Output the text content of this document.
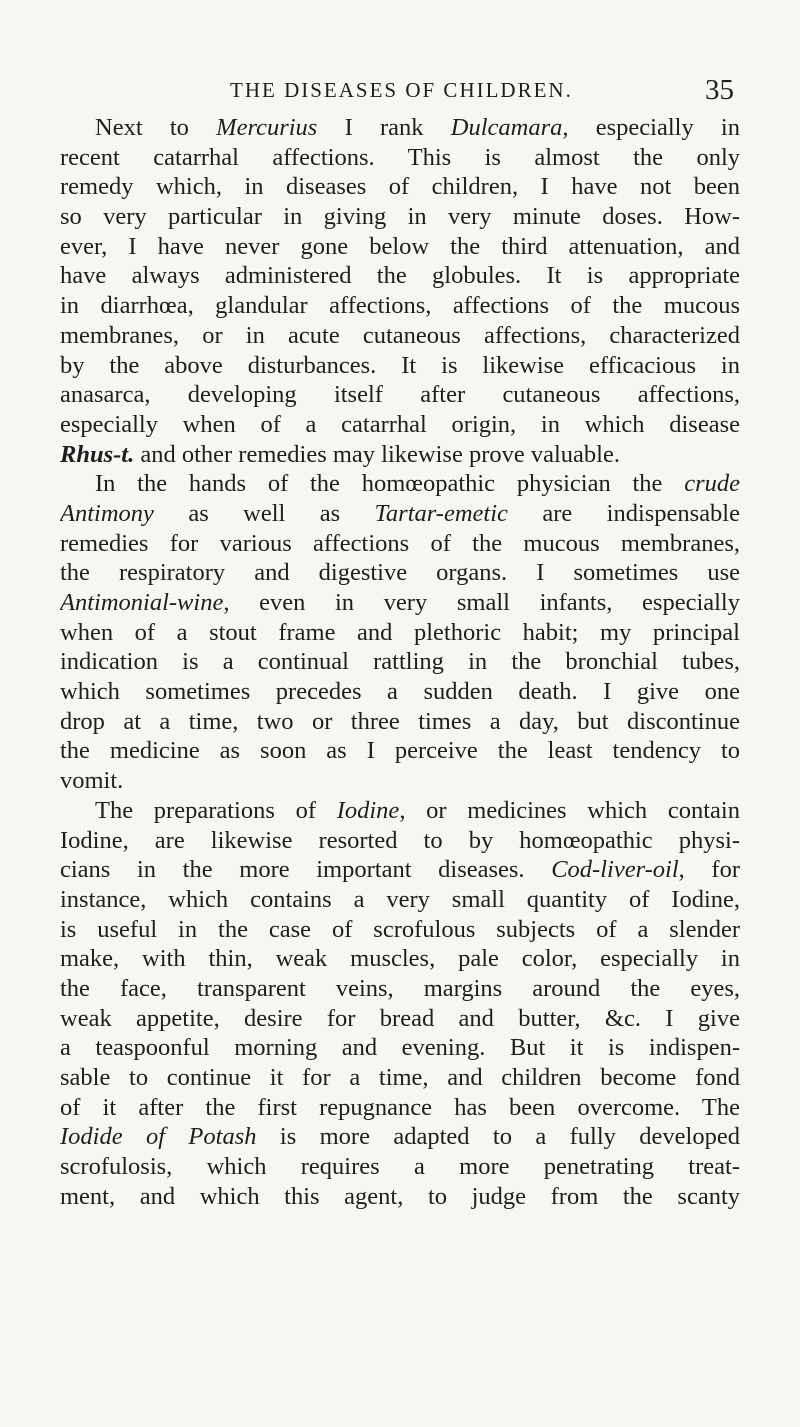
THE DISEASES OF CHILDREN.	35
Next to Mercurius I rank Dulcamara, especially in
recent catarrhal affections. This is almost the only
remedy which, in diseases of children, I have not been
so very particular in giving in very minute doses. How-
ever, I have never gone below the third attenuation, and
have always administered the globules. It is appropriate
in diarrhœa, glandular affections, affections of the mucous
membranes, or in acute cutaneous affections, characterized
by the above disturbances. It is likewise efficacious in
anasarca, developing itself after cutaneous affections,
especially when of a catarrhal origin, in which disease
Rhus-t. and other remedies may likewise prove valuable.
In the hands of the homœopathic physician the crude
Antimony as well as Tartar-emetic are indispensable
remedies for various affections of the mucous membranes,
the respiratory and digestive organs. I sometimes use
Antimonial-wine, even in very small infants, especially
when of a stout frame and plethoric habit; my principal
indication is a continual rattling in the bronchial tubes,
which sometimes precedes a sudden death. I give one
drop at a time, two or three times a day, but discontinue
the medicine as soon as I perceive the least tendency to
vomit.
The preparations of Iodine, or medicines which contain
Iodine, are likewise resorted to by homœopathic physi-
cians in the more important diseases. Cod-liver-oil, for
instance, which contains a very small quantity of Iodine,
is useful in the case of scrofulous subjects of a slender
make, with thin, weak muscles, pale color, especially in
the face, transparent veins, margins around the eyes,
weak appetite, desire for bread and butter, &c. I give
a teaspoonful morning and evening. But it is indispen-
sable to continue it for a time, and children become fond
of it after the first repugnance has been overcome. The
Iodide of Potash is more adapted to a fully developed
scrofulosis, which requires a more penetrating treat-
ment, and which this agent, to judge from the scanty
